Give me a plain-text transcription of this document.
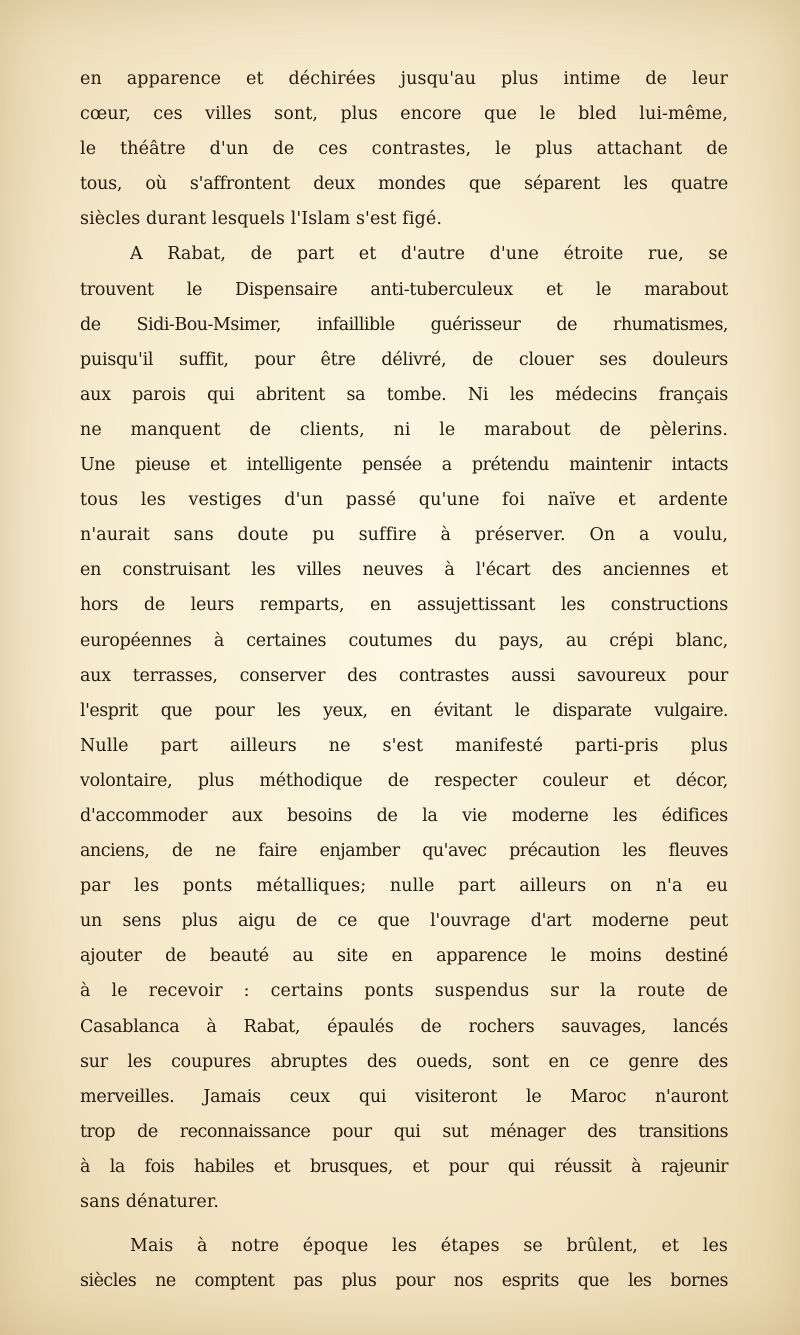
en apparence et déchirées jusqu'au plus intime de leur
cœur, ces villes sont, plus encore que le bled lui-même,
le théâtre d'un de ces contrastes, le plus attachant de
tous, où s'affrontent deux mondes que séparent les quatre
siècles durant lesquels l'Islam s'est figé.
A Rabat, de part et d'autre d'une étroite rue, se
trouvent le Dispensaire anti-tuberculeux et le marabout
de Sidi-Bou-Msimer, infaillible guérisseur de rhumatismes,
puisqu'il suffit, pour être délivré, de clouer ses douleurs
aux parois qui abritent sa tombe. Ni les médecins français
ne manquent de clients, ni le marabout de pèlerins.
Une pieuse et intelligente pensée a prétendu maintenir intacts
tous les vestiges d'un passé qu'une foi naïve et ardente
n'aurait sans doute pu suffire à préserver. On a voulu,
en construisant les villes neuves à l'écart des anciennes et
hors de leurs remparts, en assujettissant les constructions
européennes à certaines coutumes du pays, au crépi blanc,
aux terrasses, conserver des contrastes aussi savoureux pour
l'esprit que pour les yeux, en évitant le disparate vulgaire.
Nulle part ailleurs ne s'est manifesté parti-pris plus
volontaire, plus méthodique de respecter couleur et décor,
d'accommoder aux besoins de la vie moderne les édifices
anciens, de ne faire enjamber qu'avec précaution les fleuves
par les ponts métalliques; nulle part ailleurs on n'a eu
un sens plus aigu de ce que l'ouvrage d'art moderne peut
ajouter de beauté au site en apparence le moins destiné
à le recevoir : certains ponts suspendus sur la route de
Casablanca à Rabat, épaulés de rochers sauvages, lancés
sur les coupures abruptes des oueds, sont en ce genre des
merveilles. Jamais ceux qui visiteront le Maroc n'auront
trop de reconnaissance pour qui sut ménager des transitions
à la fois habiles et brusques, et pour qui réussit à rajeunir
sans dénaturer.
Mais à notre époque les étapes se brûlent, et les
siècles ne comptent pas plus pour nos esprits que les bornes
